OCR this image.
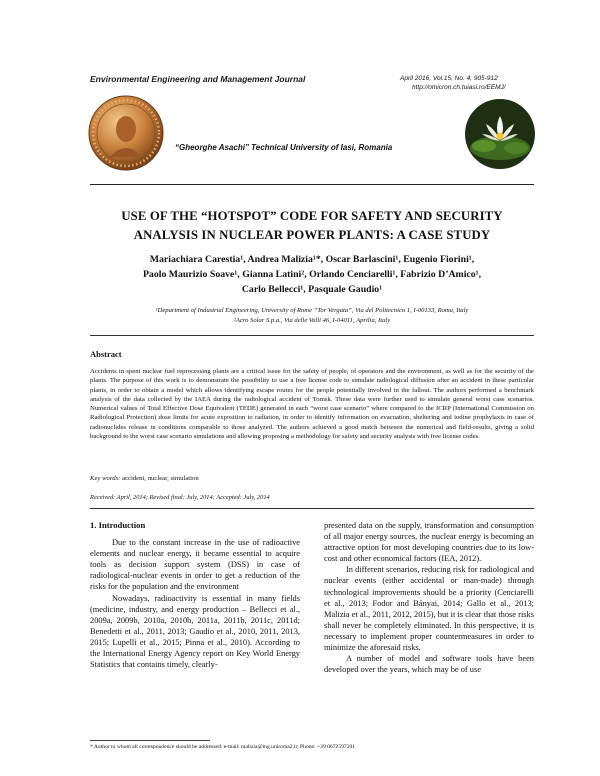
Environmental Engineering and Management Journal	April 2016, Vol.15, No. 4, 905-912
http://omicron.ch.tuiasi.ro/EEMJ/
“Gheorghe Asachi” Technical University of Iasi, Romania
USE OF THE “HOTSPOT” CODE FOR SAFETY AND SECURITY
ANALYSIS IN NUCLEAR POWER PLANTS: A CASE STUDY
Mariachiara Carestia¹, Andrea Malizia¹*, Oscar Barlascini¹, Eugenio Fiorini¹,
Paolo Maurizio Soave¹, Gianna Latini², Orlando Cenciarelli¹, Fabrizio D’Amico¹,
Carlo Bellecci¹, Pasquale Gaudio¹
¹Department of Industrial Engineering, University of Rome “Tor Vergata”, Via del Politecnico 1, I-00133, Roma, Italy
²Acro Solar S.p.a., Via delle Valli 46, I-04011, Aprilia, Italy
Abstract
Accidents in spent nuclear fuel reprocessing plants are a critical issue for the safety of people, of operators and the environment, as well as for the security of the plants. The purpose of this work is to demonstrate the possibility to use a free license code to simulate radiological diffusion after an accident in these particular plants, in order to obtain a model which allows identifying escape routes for the people potentially involved in the fallout. The authors performed a benchmark analysis of the data collected by the IAEA during the radiological accident of Tomsk. These data were further used to simulate general worst case scenarios. Numerical values of Total Effective Dose Equivalent (TEDE) generated in each “worst case scenario” where compared to the ICRP (International Commission on Radiological Protection) dose limits for acute exposition to radiation, in order to identify information on evacuation, sheltering and iodine prophylaxis in case of radionuclides release in conditions comparable to those analyzed. The authors achieved a good match between the numerical and field-results, giving a solid background to the worst case scenario simulations and allowing proposing a methodology for safety and security analysis with free license codes.
Key words: accident, nuclear, simulation
Received: April, 2014; Revised final: July, 2014; Accepted: July, 2014

1. Introduction

Due to the constant increase in the use of radioactive elements and nuclear energy, it became essential to acquire tools as decision support system (DSS) in case of radiological-nuclear events in order to get a reduction of the risks for the population and the environment

Nowadays, radioactivity is essential in many fields (medicine, industry, and energy production – Bellecci et al., 2009a, 2009b, 2010a, 2010b, 2011a, 2011b, 2011c, 2011d; Benedetti et al., 2011, 2013; Gaudio et al., 2010, 2011, 2013, 2015; Lupelli et al., 2015; Pinna et al., 2010). According to the International Energy Agency report on Key World Energy Statistics that contains timely, clearly-

presented data on the supply, transformation and consumption of all major energy sources, the nuclear energy is becoming an attractive option for most developing countries due to its low-cost and other economical factors (IEA, 2012).

In different scenarios, reducing risk for radiological and nuclear events (either accidental or man-made) through technological improvements should be a priority (Cenciarelli et al., 2013; Fodor and Bányai, 2014; Gallo et al., 2013; Malizia et al., 2011, 2012, 2015), but it is clear that those risks shall never be completely eliminated. In this perspective, it is necessary to implement proper countermeasures in order to minimize the aforesaid risks.

A number of model and software tools have been developed over the years, which may be of use

* Author to whom all correspondence should be addressed: e-mail: malizia@ing.uniroma2.it; Phone: +39 0672597201
